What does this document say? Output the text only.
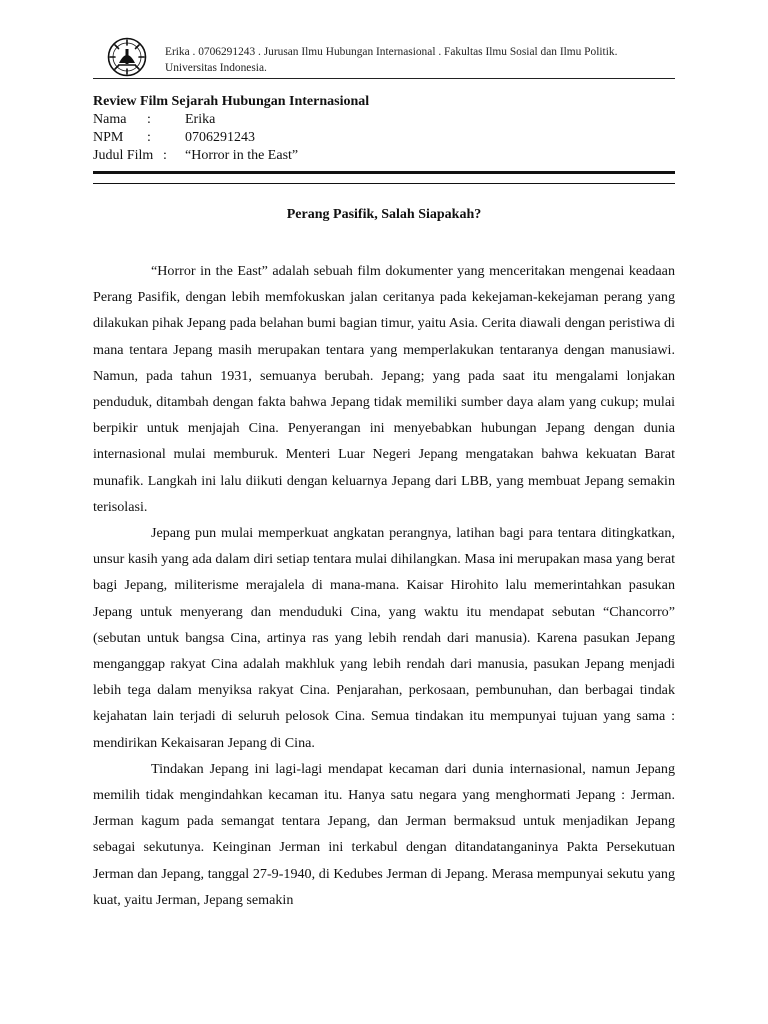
Erika . 0706291243 . Jurusan Ilmu Hubungan Internasional . Fakultas Ilmu Sosial dan Ilmu Politik.
Universitas Indonesia.
Review Film Sejarah Hubungan Internasional
Nama : Erika
NPM : 0706291243
Judul Film : “Horror in the East”
Perang Pasifik, Salah Siapakah?

“Horror in the East” adalah sebuah film dokumenter yang menceritakan mengenai keadaan Perang Pasifik, dengan lebih memfokuskan jalan ceritanya pada kekejaman-kekejaman perang yang dilakukan pihak Jepang pada belahan bumi bagian timur, yaitu Asia. Cerita diawali dengan peristiwa di mana tentara Jepang masih merupakan tentara yang memperlakukan tentaranya dengan manusiawi. Namun, pada tahun 1931, semuanya berubah. Jepang; yang pada saat itu mengalami lonjakan penduduk, ditambah dengan fakta bahwa Jepang tidak memiliki sumber daya alam yang cukup; mulai berpikir untuk menjajah Cina. Penyerangan ini menyebabkan hubungan Jepang dengan dunia internasional mulai memburuk. Menteri Luar Negeri Jepang mengatakan bahwa kekuatan Barat munafik. Langkah ini lalu diikuti dengan keluarnya Jepang dari LBB, yang membuat Jepang semakin terisolasi.

Jepang pun mulai memperkuat angkatan perangnya, latihan bagi para tentara ditingkatkan, unsur kasih yang ada dalam diri setiap tentara mulai dihilangkan. Masa ini merupakan masa yang berat bagi Jepang, militerisme merajalela di mana-mana. Kaisar Hirohito lalu memerintahkan pasukan Jepang untuk menyerang dan menduduki Cina, yang waktu itu mendapat sebutan “Chancorro” (sebutan untuk bangsa Cina, artinya ras yang lebih rendah dari manusia). Karena pasukan Jepang menganggap rakyat Cina adalah makhluk yang lebih rendah dari manusia, pasukan Jepang menjadi lebih tega dalam menyiksa rakyat Cina. Penjarahan, perkosaan, pembunuhan, dan berbagai tindak kejahatan lain terjadi di seluruh pelosok Cina. Semua tindakan itu mempunyai tujuan yang sama : mendirikan Kekaisaran Jepang di Cina.

Tindakan Jepang ini lagi-lagi mendapat kecaman dari dunia internasional, namun Jepang memilih tidak mengindahkan kecaman itu. Hanya satu negara yang menghormati Jepang : Jerman. Jerman kagum pada semangat tentara Jepang, dan Jerman bermaksud untuk menjadikan Jepang sebagai sekutunya. Keinginan Jerman ini terkabul dengan ditandatanganinya Pakta Persekutuan Jerman dan Jepang, tanggal 27-9-1940, di Kedubes Jerman di Jepang. Merasa mempunyai sekutu yang kuat, yaitu Jerman, Jepang semakin
